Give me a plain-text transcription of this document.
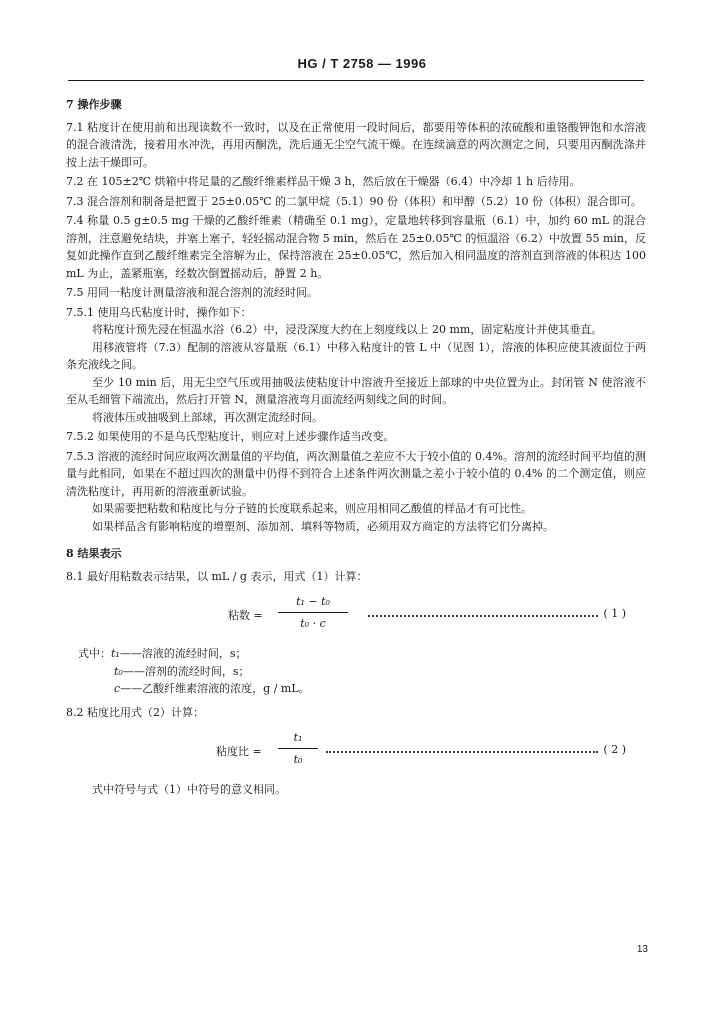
HG / T 2758 — 1996

7 操作步骤

7.1 粘度计在使用前和出现读数不一致时，以及在正常使用一段时间后，都要用等体积的浓硫酸和重铬酸钾饱和水溶液的混合液清洗，接着用水冲洗，再用丙酮洗，洗后通无尘空气流干燥。在连续滴意的两次测定之间，只要用丙酮洗涤并按上法干燥即可。

7.2 在 105±2℃ 烘箱中将足量的乙酸纤维素样品干燥 3 h，然后放在干燥器（6.4）中冷却 1 h 后待用。

7.3 混合溶剂和制备是把置于 25±0.05℃ 的二氯甲烷（5.1）90 份（体积）和甲醇（5.2）10 份（体积）混合即可。

7.4 称量 0.5 g±0.5 mg 干燥的乙酸纤维素（精确至 0.1 mg），定量地转移到容量瓶（6.1）中，加约 60 mL 的混合溶剂，注意避免结块，并塞上塞子，轻轻摇动混合物 5 min，然后在 25±0.05℃ 的恒温浴（6.2）中放置 55 min，反复如此操作直到乙酸纤维素完全溶解为止，保持溶液在 25±0.05℃，然后加入相同温度的溶剂直到溶液的体积达 100 mL 为止，盖紧瓶塞，经数次倒置摇动后，静置 2 h。

7.5 用同一粘度计测量溶液和混合溶剂的流经时间。

7.5.1 使用乌氏粘度计时，操作如下：

将粘度计预先浸在恒温水浴（6.2）中，浸没深度大约在上刻度线以上 20 mm，固定粘度计并使其垂直。

用移液管将（7.3）配制的溶液从容量瓶（6.1）中移入粘度计的管 L 中（见图 1），溶液的体积应使其液面位于两条充液线之间。

至少 10 min 后，用无尘空气压或用抽吸法使粘度计中溶液升至接近上部球的中央位置为止。封闭管 N 使溶液不至从毛细管下端流出，然后打开管 N，测量溶液弯月面流经两刻线之间的时间。

将液体压或抽吸到上部球，再次测定流经时间。

7.5.2 如果使用的不是乌氏型粘度计，则应对上述步骤作适当改变。

7.5.3 溶液的流经时间应取两次测量值的平均值，两次测量值之差应不大于较小值的 0.4%。溶剂的流经时间平均值的测量与此相同，如果在不超过四次的测量中仍得不到符合上述条件两次测量之差小于较小值的 0.4% 的二个测定值，则应清洗粘度计，再用新的溶液重新试验。

如果需要把粘数和粘度比与分子链的长度联系起来，则应用相同乙酸值的样品才有可比性。

如果样品含有影响粘度的增塑剂、添加剂、填料等物质，必须用双方商定的方法将它们分离掉。

8 结果表示

8.1 最好用粘数表示结果，以 mL / g 表示，用式（1）计算：

粘数 =
t₁ − t₀
t₀ · c
( 1 )
式中：t₁——溶液的流经时间，s；
t₀——溶剂的流经时间，s；
c——乙酸纤维素溶液的浓度，g / mL。

8.2 粘度比用式（2）计算：

粘度比 =
t₁
t₀
( 2 )

式中符号与式（1）中符号的意义相同。

13
